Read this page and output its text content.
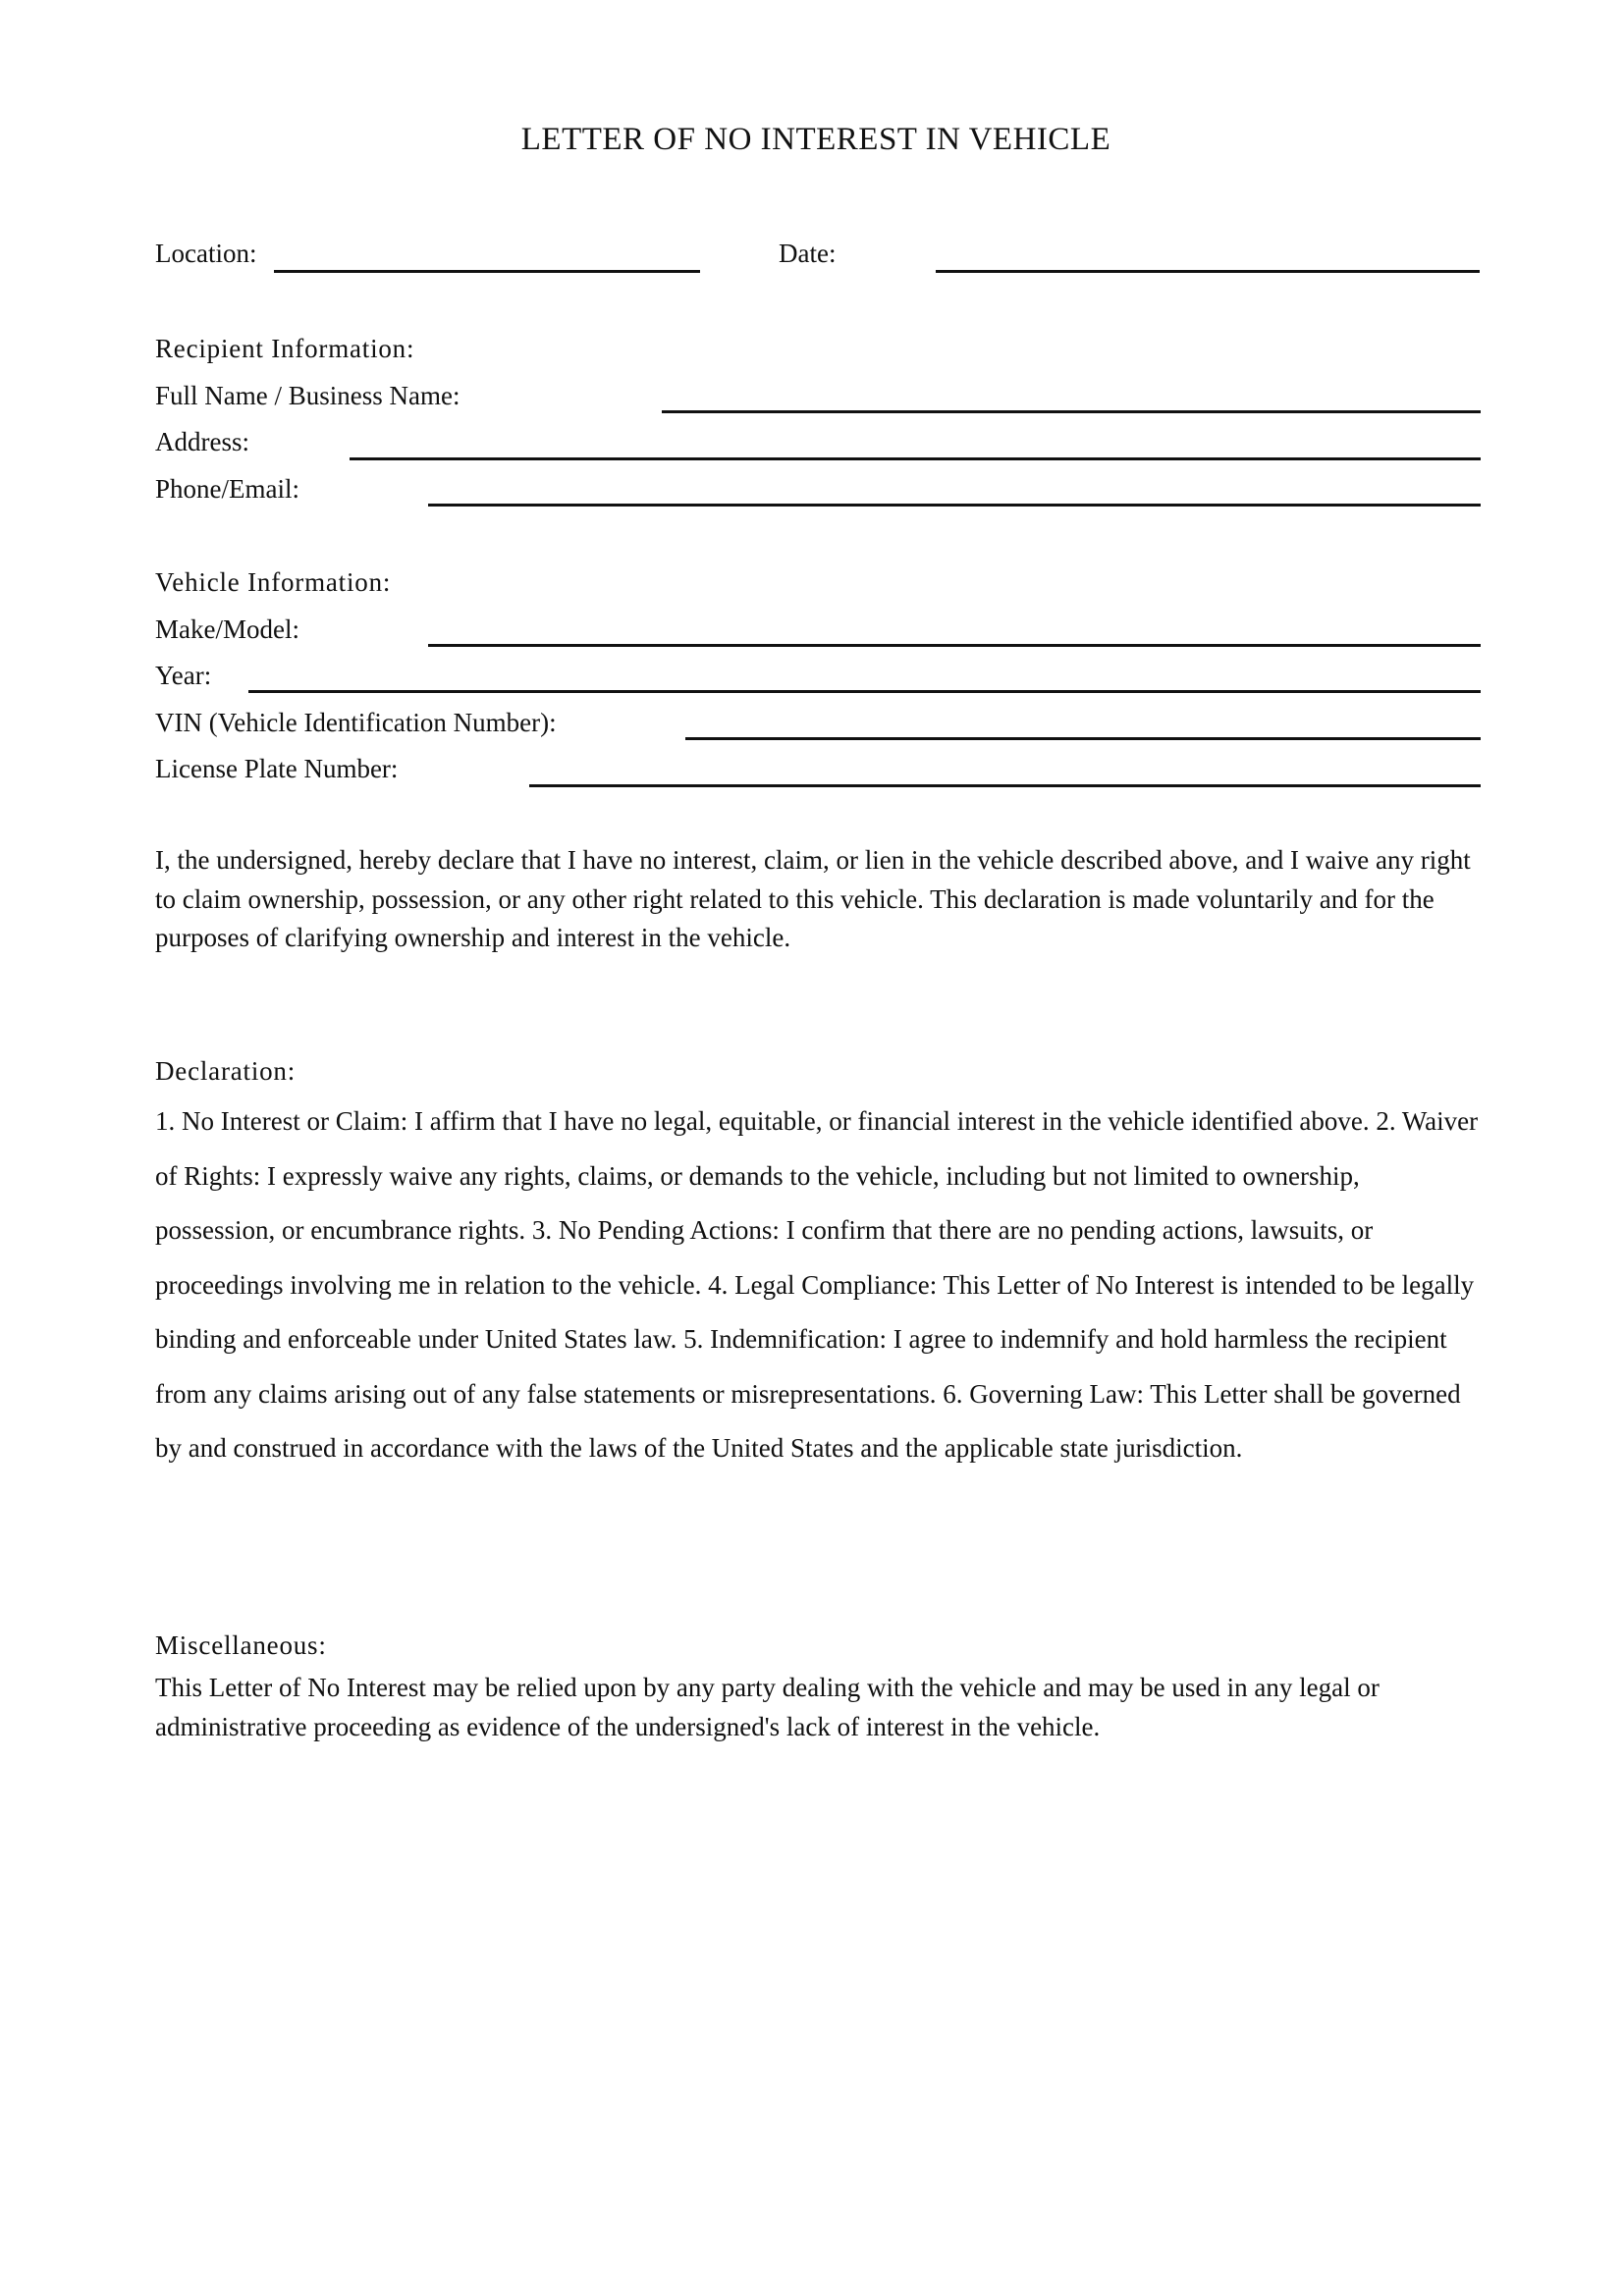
LETTER OF NO INTEREST IN VEHICLE
Location:	Date:
Recipient Information:
Full Name / Business Name:
Address:
Phone/Email:
Vehicle Information:
Make/Model:
Year:
VIN (Vehicle Identification Number):
License Plate Number:
I, the undersigned, hereby declare that I have no interest, claim, or lien in the vehicle described above, and I waive any right to claim ownership, possession, or any other right related to this vehicle. This declaration is made voluntarily and for the purposes of clarifying ownership and interest in the vehicle.
Declaration:
1. No Interest or Claim: I affirm that I have no legal, equitable, or financial interest in the vehicle identified above. 2. Waiver of Rights: I expressly waive any rights, claims, or demands to the vehicle, including but not limited to ownership, possession, or encumbrance rights. 3. No Pending Actions: I confirm that there are no pending actions, lawsuits, or proceedings involving me in relation to the vehicle. 4. Legal Compliance: This Letter of No Interest is intended to be legally binding and enforceable under United States law. 5. Indemnification: I agree to indemnify and hold harmless the recipient from any claims arising out of any false statements or misrepresentations. 6. Governing Law: This Letter shall be governed by and construed in accordance with the laws of the United States and the applicable state jurisdiction.
Miscellaneous:
This Letter of No Interest may be relied upon by any party dealing with the vehicle and may be used in any legal or administrative proceeding as evidence of the undersigned's lack of interest in the vehicle.
